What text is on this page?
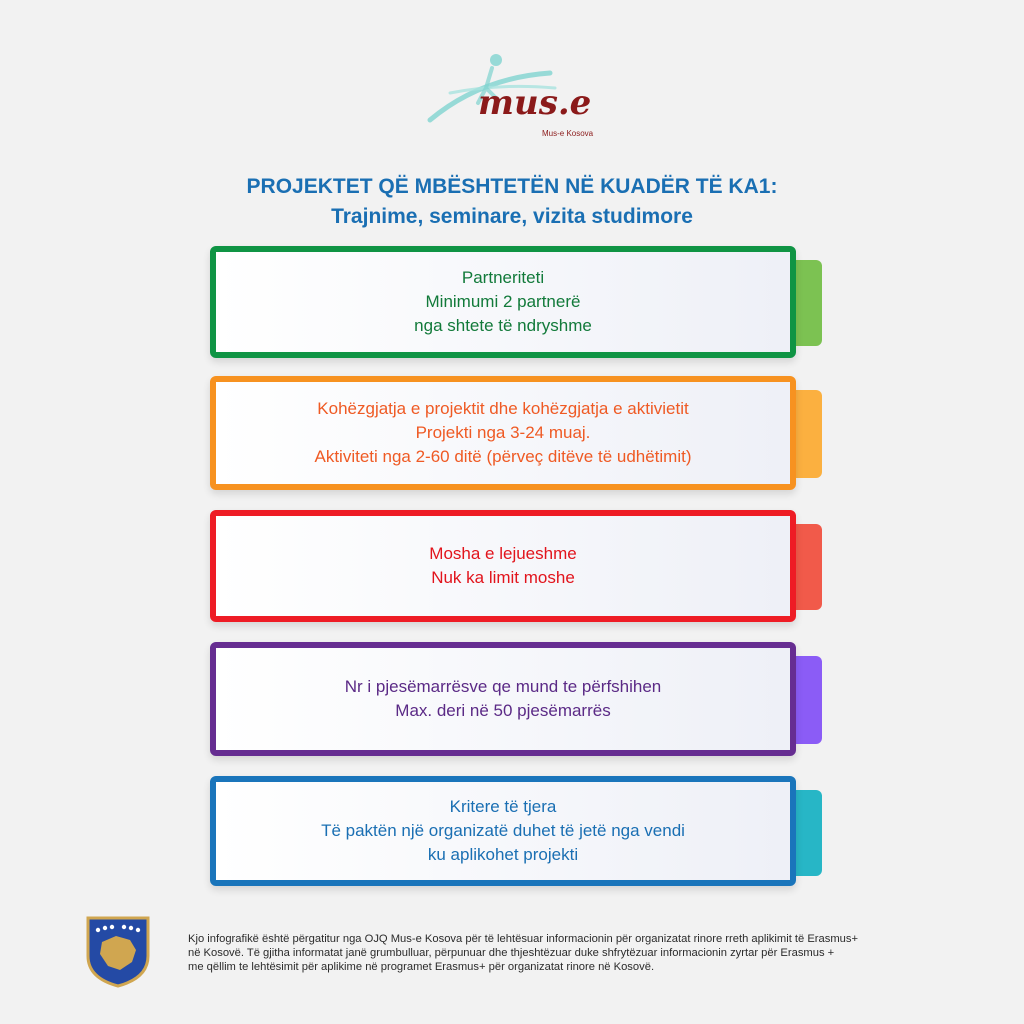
mus.e
Mus-e Kosova
PROJEKTET QË MBËSHTETËN NË KUADËR TË KA1:
Trajnime, seminare, vizita studimore
Partneriteti
Minimumi 2 partnerë
nga shtete të ndryshme
Kohëzgjatja e projektit dhe kohëzgjatja e aktivietit
Projekti nga 3-24 muaj.
Aktiviteti nga 2-60 ditë (përveç ditëve të udhëtimit)
Mosha e lejueshme
Nuk ka limit moshe
Nr i pjesëmarrësve qe mund te përfshihen
Max. deri në 50 pjesëmarrës
Kritere të tjera
Të paktën një organizatë duhet të jetë nga vendi
ku aplikohet projekti
Kjo infografikë është përgatitur nga OJQ Mus-e Kosova për të lehtësuar informacionin për organizatat rinore rreth aplikimit të Erasmus+
në Kosovë. Të gjitha informatat janë grumbulluar, përpunuar dhe thjeshtëzuar duke shfrytëzuar informacionin zyrtar për Erasmus +
me qëllim te lehtësimit për aplikime në programet Erasmus+ për organizatat rinore në Kosovë.
